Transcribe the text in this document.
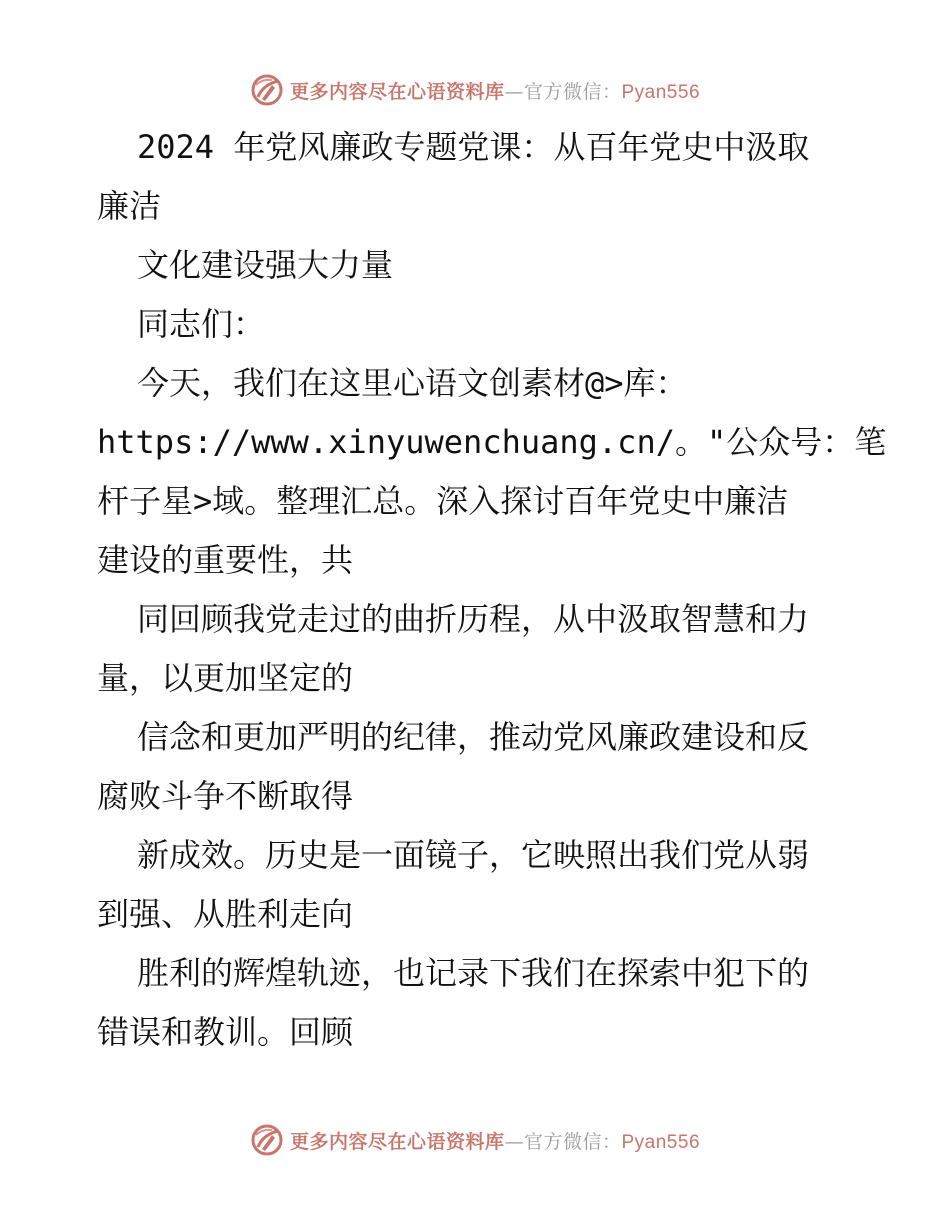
更多内容尽在心语资料库—官方微信：Pyan556
2024 年党风廉政专题党课：从百年党史中汲取
廉洁
文化建设强大力量
同志们：
今天，我们在这里心语文创素材@>库：
https://www.xinyuwenchuang.cn/。"公众号：笔
杆子星>域。整理汇总。深入探讨百年党史中廉洁
建设的重要性，共
同回顾我党走过的曲折历程，从中汲取智慧和力
量，以更加坚定的
信念和更加严明的纪律，推动党风廉政建设和反
腐败斗争不断取得
新成效。历史是一面镜子，它映照出我们党从弱
到强、从胜利走向
胜利的辉煌轨迹，也记录下我们在探索中犯下的
错误和教训。回顾
更多内容尽在心语资料库—官方微信：Pyan556
